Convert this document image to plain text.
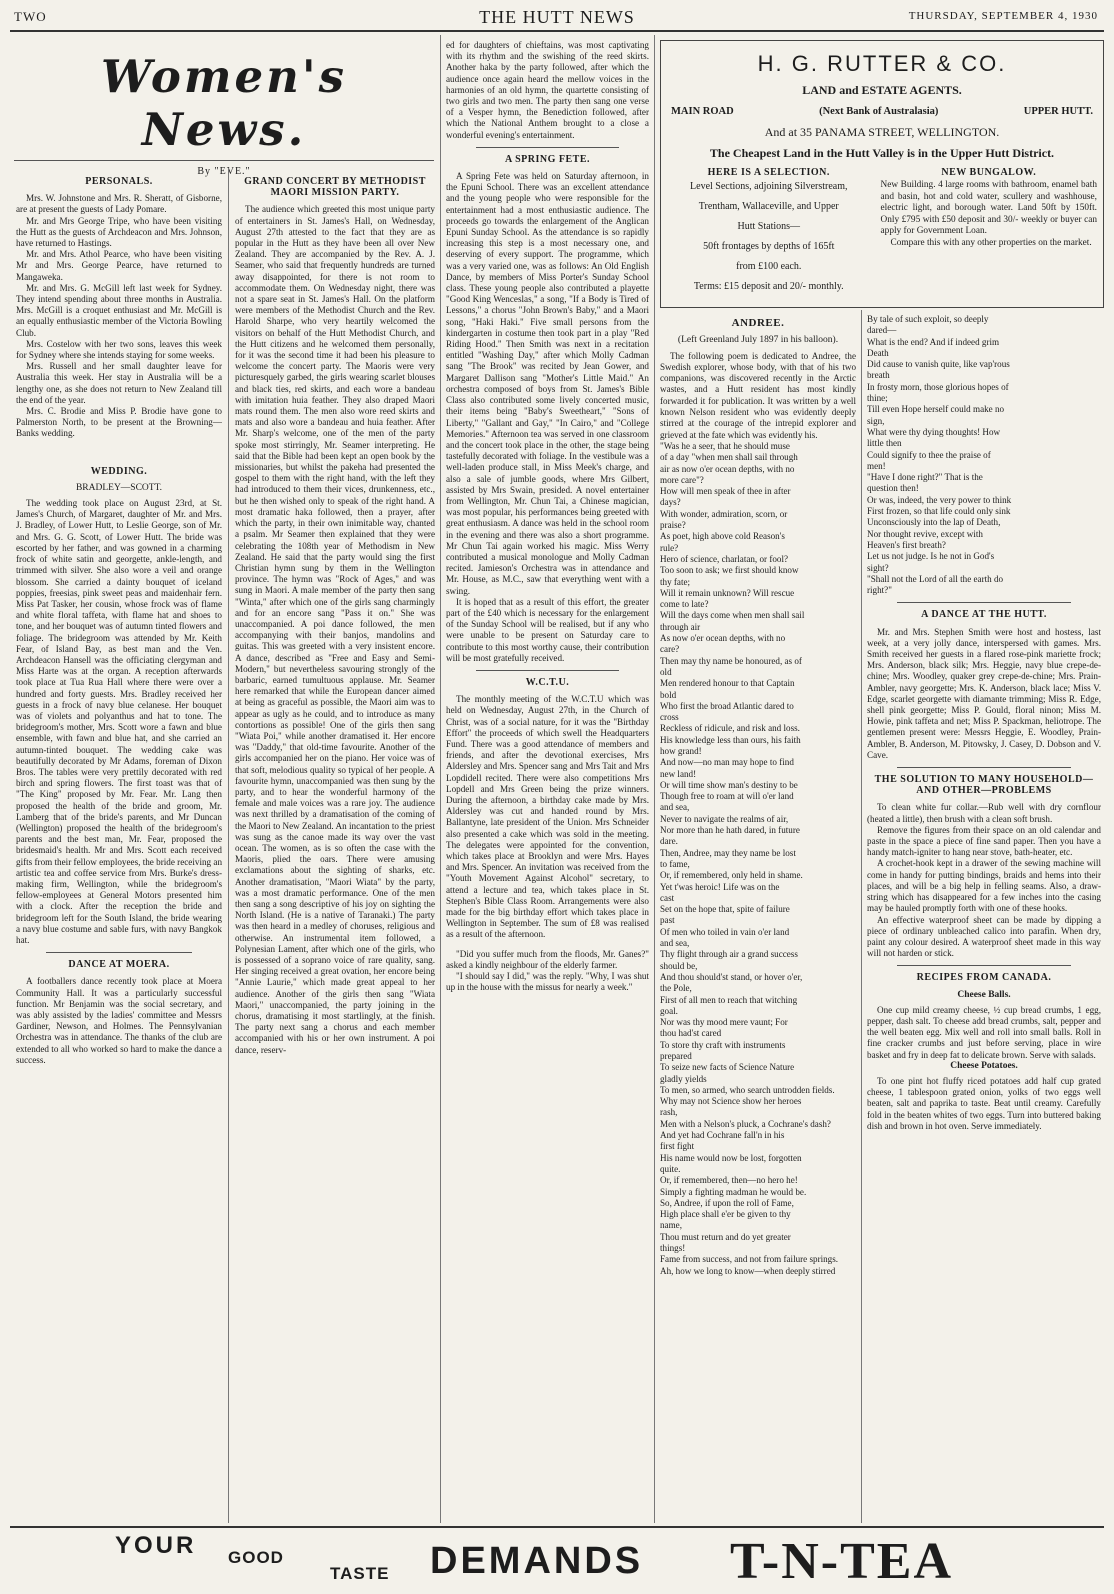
TWO	THE HUTT NEWS	THURSDAY, SEPTEMBER 4, 1930
Women's News.
By "EVE."
PERSONALS.

Mrs. W. Johnstone and Mrs. R. Sheratt, of Gisborne, are at present the guests of Lady Pomare.

Mr. and Mrs George Tripe, who have been visiting the Hutt as the guests of Archdeacon and Mrs. Johnson, have returned to Hastings.

Mr. and Mrs. Athol Pearce, who have been visiting Mr and Mrs. George Pearce, have returned to Mangaweka.

Mr. and Mrs. G. McGill left last week for Sydney. They intend spending about three months in Australia. Mrs. McGill is a croquet enthusiast and Mr. McGill is an equally enthusiastic member of the Victoria Bowling Club.

Mrs. Costelow with her two sons, leaves this week for Sydney where she intends staying for some weeks.

Mrs. Russell and her small daughter leave for Australia this week. Her stay in Australia will be a lengthy one, as she does not return to New Zealand till the end of the year.

Mrs. C. Brodie and Miss P. Brodie have gone to Palmerston North, to be present at the Browning—Banks wedding.

WEDDING.
BRADLEY—SCOTT.

The wedding took place on August 23rd, at St. James's Church, of Margaret, daughter of Mr. and Mrs. J. Bradley, of Lower Hutt, to Leslie George, son of Mr. and Mrs. G. G. Scott, of Lower Hutt. The bride was escorted by her father, and was gowned in a charming frock of white satin and georgette, ankle-length, and trimmed with silver. She also wore a veil and orange blossom. She carried a dainty bouquet of iceland poppies, freesias, pink sweet peas and maidenhair fern. Miss Pat Tasker, her cousin, whose frock was of flame and white floral taffeta, with flame hat and shoes to tone, and her bouquet was of autumn tinted flowers and foliage. The bridegroom was attended by Mr. Keith Fear, of Island Bay, as best man and the Ven. Archdeacon Hansell was the officiating clergyman and Miss Harte was at the organ. A reception afterwards took place at Tua Rua Hall where there were over a hundred and forty guests. Mrs. Bradley received her guests in a frock of navy blue celanese. Her bouquet was of violets and polyanthus and hat to tone. The bridegroom's mother, Mrs. Scott wore a fawn and blue ensemble, with fawn and blue hat, and she carried an autumn-tinted bouquet. The wedding cake was beautifully decorated by Mr Adams, foreman of Dixon Bros. The tables were very prettily decorated with red birch and spring flowers. The first toast was that of "The King" proposed by Mr. Fear. Mr. Lang then proposed the health of the bride and groom, Mr. Lamberg that of the bride's parents, and Mr Duncan (Wellington) proposed the health of the bridegroom's parents and the best man, Mr. Fear, proposed the bridesmaid's health. Mr and Mrs. Scott each received gifts from their fellow employees, the bride receiving an artistic tea and coffee service from Mrs. Burke's dress-making firm, Wellington, while the bridegroom's fellow-employees at General Motors presented him with a clock. After the reception the bride and bridegroom left for the South Island, the bride wearing a navy blue costume and sable furs, with navy Bangkok hat.

DANCE AT MOERA.

A footballers dance recently took place at Moera Community Hall. It was a particularly successful function. Mr Benjamin was the social secretary, and was ably assisted by the ladies' committee and Messrs Gardiner, Newson, and Holmes. The Pennsylvanian Orchestra was in attendance. The thanks of the club are extended to all who worked so hard to make the dance a success.

GRAND CONCERT BY METHODIST MAORI MISSION PARTY.

The audience which greeted this most unique party of entertainers in St. James's Hall, on Wednesday, August 27th attested to the fact that they are as popular in the Hutt as they have been all over New Zealand. They are accompanied by the Rev. A. J. Seamer, who said that frequently hundreds are turned away disappointed, for there is not room to accommodate them. On Wednesday night, there was not a spare seat in St. James's Hall. On the platform were members of the Methodist Church and the Rev. Harold Sharpe, who very heartily welcomed the visitors on behalf of the Hutt Methodist Church, and the Hutt citizens and he welcomed them personally, for it was the second time it had been his pleasure to welcome the concert party. The Maoris were very picturesquely garbed, the girls wearing scarlet blouses and black ties, red skirts, and each wore a bandeau with imitation huia feather. They also draped Maori mats round them. The men also wore reed skirts and mats and also wore a bandeau and huia feather. After Mr. Sharp's welcome, one of the men of the party spoke most stirringly, Mr. Seamer interpreting. He said that the Bible had been kept an open book by the missionaries, but whilst the pakeha had presented the gospel to them with the right hand, with the left they had introduced to them their vices, drunkenness, etc., but he then wished only to speak of the right hand. A most dramatic haka followed, then a prayer, after which the party, in their own inimitable way, chanted a psalm. Mr Seamer then explained that they were celebrating the 108th year of Methodism in New Zealand. He said that the party would sing the first Christian hymn sung by them in the Wellington province. The hymn was "Rock of Ages," and was sung in Maori. A male member of the party then sang "Winta," after which one of the girls sang charmingly and for an encore sang "Pass it on." She was unaccompanied. A poi dance followed, the men accompanying with their banjos, mandolins and guitas. This was greeted with a very insistent encore. A dance, described as "Free and Easy and Semi-Modern," but nevertheless savouring strongly of the barbaric, earned tumultuous applause. Mr. Seamer here remarked that while the European dancer aimed at being as graceful as possible, the Maori aim was to appear as ugly as he could, and to introduce as many contortions as possible! One of the girls then sang "Wiata Poi," while another dramatised it. Her encore was "Daddy," that old-time favourite. Another of the girls accompanied her on the piano. Her voice was of that soft, melodious quality so typical of her people. A favourite hymn, unaccompanied was then sung by the party, and to hear the wonderful harmony of the female and male voices was a rare joy. The audience was next thrilled by a dramatisation of the coming of the Maori to New Zealand. An incantation to the priest was sung as the canoe made its way over the vast ocean. The women, as is so often the case with the Maoris, plied the oars. There were amusing exclamations about the sighting of sharks, etc. Another dramatisation, "Maori Wiata" by the party, was a most dramatic performance. One of the men then sang a song descriptive of his joy on sighting the North Island. (He is a native of Taranaki.) The party was then heard in a medley of choruses, religious and otherwise. An instrumental item followed, a Polynesian Lament, after which one of the girls, who is possessed of a soprano voice of rare quality, sang. Her singing received a great ovation, her encore being "Annie Laurie," which made great appeal to her audience. Another of the girls then sang "Wiata Maori," unaccompanied, the party joining in the chorus, dramatising it most startlingly, at the finish. The party next sang a chorus and each member accompanied with his or her own instrument. A poi dance, reserv-

ed for daughters of chieftains, was most captivating with its rhythm and the swishing of the reed skirts. Another haka by the party followed, after which the audience once again heard the mellow voices in the harmonies of an old hymn, the quartette consisting of two girls and two men. The party then sang one verse of a Vesper hymn, the Benediction followed, after which the National Anthem brought to a close a wonderful evening's entertainment.

A SPRING FETE.

A Spring Fete was held on Saturday afternoon, in the Epuni School. There was an excellent attendance and the young people who were responsible for the entertainment had a most enthusiastic audience. The proceeds go towards the enlargement of the Anglican Epuni Sunday School. As the attendance is so rapidly increasing this step is a most necessary one, and deserving of every support. The programme, which was a very varied one, was as follows: An Old English Dance, by members of Miss Porter's Sunday School class. These young people also contributed a playette "Good King Wenceslas," a song, "If a Body is Tired of Lessons," a chorus "John Brown's Baby," and a Maori song, "Haki Haki." Five small persons from the kindergarten in costume then took part in a play "Red Riding Hood." Then Smith was next in a recitation entitled "Washing Day," after which Molly Cadman sang "The Brook" was recited by Jean Gower, and Margaret Dallison sang "Mother's Little Maid." An orchestra composed of boys from St. James's Bible Class also contributed some lively concerted music, their items being "Baby's Sweetheart," "Sons of Liberty," "Gallant and Gay," "In Cairo," and "College Memories." Afternoon tea was served in one classroom and the concert took place in the other, the stage being tastefully decorated with foliage. In the vestibule was a well-laden produce stall, in Miss Meek's charge, and also a sale of jumble goods, where Mrs Gilbert, assisted by Mrs Swain, presided. A novel entertainer from Wellington, Mr. Chun Tai, a Chinese magician, was most popular, his performances being greeted with great enthusiasm. A dance was held in the school room in the evening and there was also a short programme. Mr Chun Tai again worked his magic. Miss Werry contributed a musical monologue and Molly Cadman recited. Jamieson's Orchestra was in attendance and Mr. House, as M.C., saw that everything went with a swing.

It is hoped that as a result of this effort, the greater part of the £40 which is necessary for the enlargement of the Sunday School will be realised, but if any who were unable to be present on Saturday care to contribute to this most worthy cause, their contribution will be most gratefully received.

W.C.T.U.

The monthly meeting of the W.C.T.U which was held on Wednesday, August 27th, in the Church of Christ, was of a social nature, for it was the "Birthday Effort" the proceeds of which swell the Headquarters Fund. There was a good attendance of members and friends, and after the devotional exercises, Mrs Aldersley and Mrs. Spencer sang and Mrs Tait and Mrs Lopdidell recited. There were also competitions Mrs Lopdell and Mrs Green being the prize winners. During the afternoon, a birthday cake made by Mrs. Aldersley was cut and handed round by Mrs. Ballantyne, late president of the Union. Mrs Schneider also presented a cake which was sold in the meeting. The delegates were appointed for the convention, which takes place at Brooklyn and were Mrs. Hayes and Mrs. Spencer. An invitation was received from the "Youth Movement Against Alcohol" secretary, to attend a lecture and tea, which takes place in St. Stephen's Bible Class Room. Arrangements were also made for the big birthday effort which takes place in Wellington in September. The sum of £8 was realised as a result of the afternoon.

"Did you suffer much from the floods, Mr. Ganes?" asked a kindly neighbour of the elderly farmer.

"I should say I did," was the reply. "Why, I was shut up in the house with the missus for nearly a week."

H. G. RUTTER & CO.
LAND and ESTATE AGENTS.
MAIN ROAD	(Next Bank of Australasia)	UPPER HUTT.
And at 35 PANAMA STREET, WELLINGTON.
The Cheapest Land in the Hutt Valley is in the Upper Hutt District.
HERE IS A SELECTION.
Level Sections, adjoining Silverstream,
Trentham, Wallaceville, and Upper
Hutt Stations—
50ft frontages by depths of 165ft
from £100 each.
Terms: £15 deposit and 20/- monthly.
NEW BUNGALOW.
New Building. 4 large rooms with bathroom, enamel bath and basin, hot and cold water, scullery and washhouse, electric light, and borough water. Land 50ft by 150ft. Only £795 with £50 deposit and 30/- weekly or buyer can apply for Government Loan.
Compare this with any other properties on the market.
ANDREE.
(Left Greenland July 1897 in his balloon).

The following poem is dedicated to Andree, the Swedish explorer, whose body, with that of his two companions, was discovered recently in the Arctic wastes, and a Hutt resident has most kindly forwarded it for publication. It was written by a well known Nelson resident who was evidently deeply stirred at the courage of the intrepid explorer and grieved at the fate which was evidently his.

"Was he a seer, that he should muse

of a day "when men shall sail through

air as now o'er ocean depths, with no

more care"?

How will men speak of thee in after

days?

With wonder, admiration, scorn, or

praise?

As poet, high above cold Reason's

rule?

Hero of science, charlatan, or fool?

Too soon to ask; we first should know

thy fate;

Will it remain unknown? Will rescue

come to late?

Will the days come when men shall sail

through air

As now o'er ocean depths, with no

care?

Then may thy name be honoured, as of

old

Men rendered honour to that Captain

bold

Who first the broad Atlantic dared to

cross

Reckless of ridicule, and risk and loss.

His knowledge less than ours, his faith

how grand!

And now—no man may hope to find

new land!

Or will time show man's destiny to be

Though free to roam at will o'er land

and sea,

Never to navigate the realms of air,

Nor more than he hath dared, in future

dare.

Then, Andree, may they name be lost

to fame,

Or, if remembered, only held in shame.

Yet t'was heroic! Life was on the

cast

Set on the hope that, spite of failure

past

Of men who toiled in vain o'er land

and sea,

Thy flight through air a grand success

should be,

And thou should'st stand, or hover o'er,

the Pole,

First of all men to reach that witching

goal.

Nor was thy mood mere vaunt; For

thou had'st cared

To store thy craft with instruments

prepared

To seize new facts of Science Nature

gladly yields

To men, so armed, who search untrodden fields.

Why may not Science show her heroes

rash,

Men with a Nelson's pluck, a Cochrane's dash?

And yet had Cochrane fall'n in his

first fight

His name would now be lost, forgotten

quite.

Or, if remembered, then—no hero he!

Simply a fighting madman he would be.

So, Andree, if upon the roll of Fame,

High place shall e'er be given to thy

name,

Thou must return and do yet greater

things!

Fame from success, and not from failure springs.

Ah, how we long to know—when deeply stirred

By tale of such exploit, so deeply

dared—

What is the end? And if indeed grim

Death

Did cause to vanish quite, like vap'rous

breath

In frosty morn, those glorious hopes of

thine;

Till even Hope herself could make no

sign,

What were thy dying thoughts! How

little then

Could signify to thee the praise of

men!

"Have I done right?" That is the

question then!

Or was, indeed, the very power to think

First frozen, so that life could only sink

Unconsciously into the lap of Death,

Nor thought revive, except with

Heaven's first breath?

Let us not judge. Is he not in God's

sight?

"Shall not the Lord of all the earth do

right?"

A DANCE AT THE HUTT.

Mr. and Mrs. Stephen Smith were host and hostess, last week, at a very jolly dance, interspersed with games. Mrs. Smith received her guests in a flared rose-pink mariette frock; Mrs. Anderson, black silk; Mrs. Heggie, navy blue crepe-de-chine; Mrs. Woodley, quaker grey crepe-de-chine; Mrs. Prain-Ambler, navy georgette; Mrs. K. Anderson, black lace; Miss V. Edge, scarlet georgette with diamante trimming; Miss R. Edge, shell pink georgette; Miss P. Gould, floral ninon; Miss M. Howie, pink taffeta and net; Miss P. Spackman, heliotrope. The gentlemen present were: Messrs Heggie, E. Woodley, Prain-Ambler, B. Anderson, M. Pitowsky, J. Casey, D. Dobson and V. Cave.

THE SOLUTION TO MANY HOUSEHOLD—AND OTHER—PROBLEMS

To clean white fur collar.—Rub well with dry cornflour (heated a little), then brush with a clean soft brush.

Remove the figures from their space on an old calendar and paste in the space a piece of fine sand paper. Then you have a handy match-igniter to hang near stove, bath-heater, etc.

A crochet-hook kept in a drawer of the sewing machine will come in handy for putting bindings, braids and hems into their places, and will be a big help in felling seams. Also, a draw-string which has disappeared for a few inches into the casing may be hauled promptly forth with one of these hooks.

An effective waterproof sheet can be made by dipping a piece of ordinary unbleached calico into parafin. When dry, paint any colour desired. A waterproof sheet made in this way will not harden or stick.

RECIPES FROM CANADA.
Cheese Balls.

One cup mild creamy cheese, ½ cup bread crumbs, 1 egg, pepper, dash salt. To cheese add bread crumbs, salt, pepper and the well beaten egg. Mix well and roll into small balls. Roll in fine cracker crumbs and just before serving, place in wire basket and fry in deep fat to delicate brown. Serve with salads.

Cheese Potatoes.

To one pint hot fluffy riced potatoes add half cup grated cheese, 1 tablespoon grated onion, yolks of two eggs well beaten, salt and paprika to taste. Beat until creamy. Carefully fold in the beaten whites of two eggs. Turn into buttered baking dish and brown in hot oven. Serve immediately.

YOUR GOOD
TASTE DEMANDS T-N-TEA
